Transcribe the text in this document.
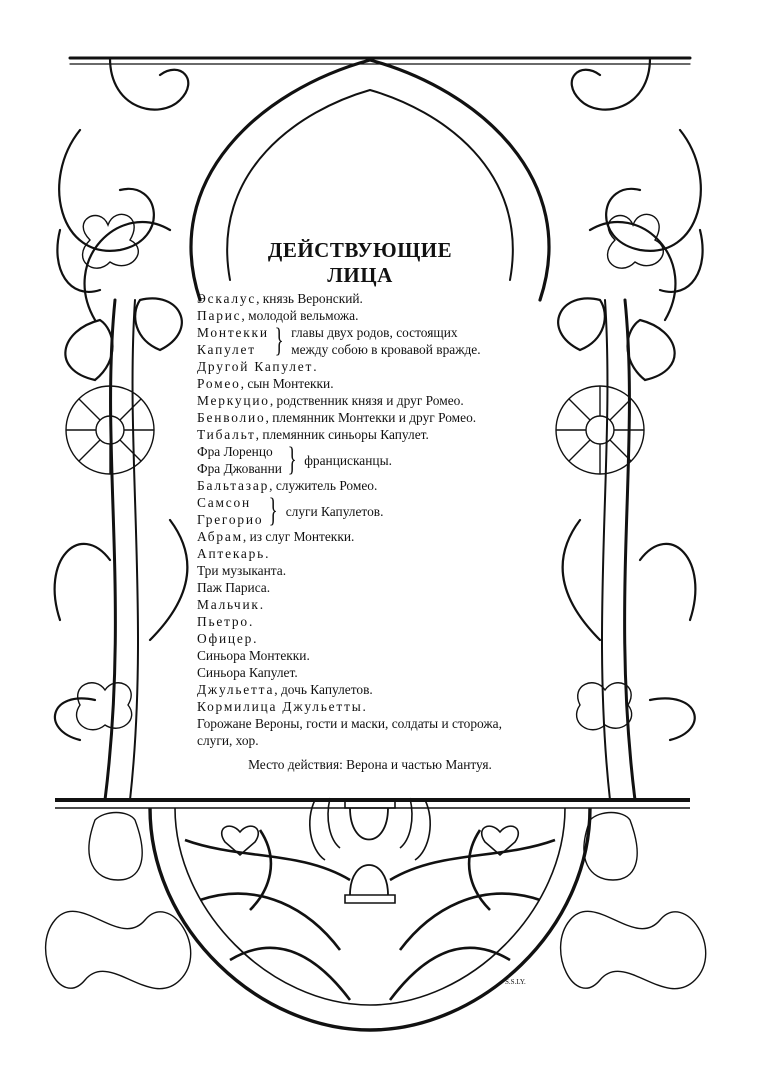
ДЕЙСТВУЮЩИЕ
ЛИЦА
Эскалус, князь Веронский.
Парис, молодой вельможа.
Монтекки
Капулет } главы двух родов, состоящих
между собою в кровавой вражде.
Другой Капулет.
Ромео, сын Монтекки.
Меркуцио, родственник князя и друг Ромео.
Бенволио, племянник Монтекки и друг Ромео.
Тибальт, племянник синьоры Капулет.
Фра Лоренцо
Фра Джованни } францисканцы.
Бальтазар, служитель Ромео.
Самсон
Грегорио } слуги Капулетов.
Абрам, из слуг Монтекки.
Аптекарь.
Три музыканта.
Паж Париса.
Мальчик.
Пьетро.
Офицер.
Синьора Монтекки.
Синьора Капулет.
Джульетта, дочь Капулетов.
Кормилица Джульетты.
Горожане Вероны, гости и маски, солдаты и сторожа,
слуги, хор.
Место действия: Верона и частью Мантуя.
S.S.LY.
